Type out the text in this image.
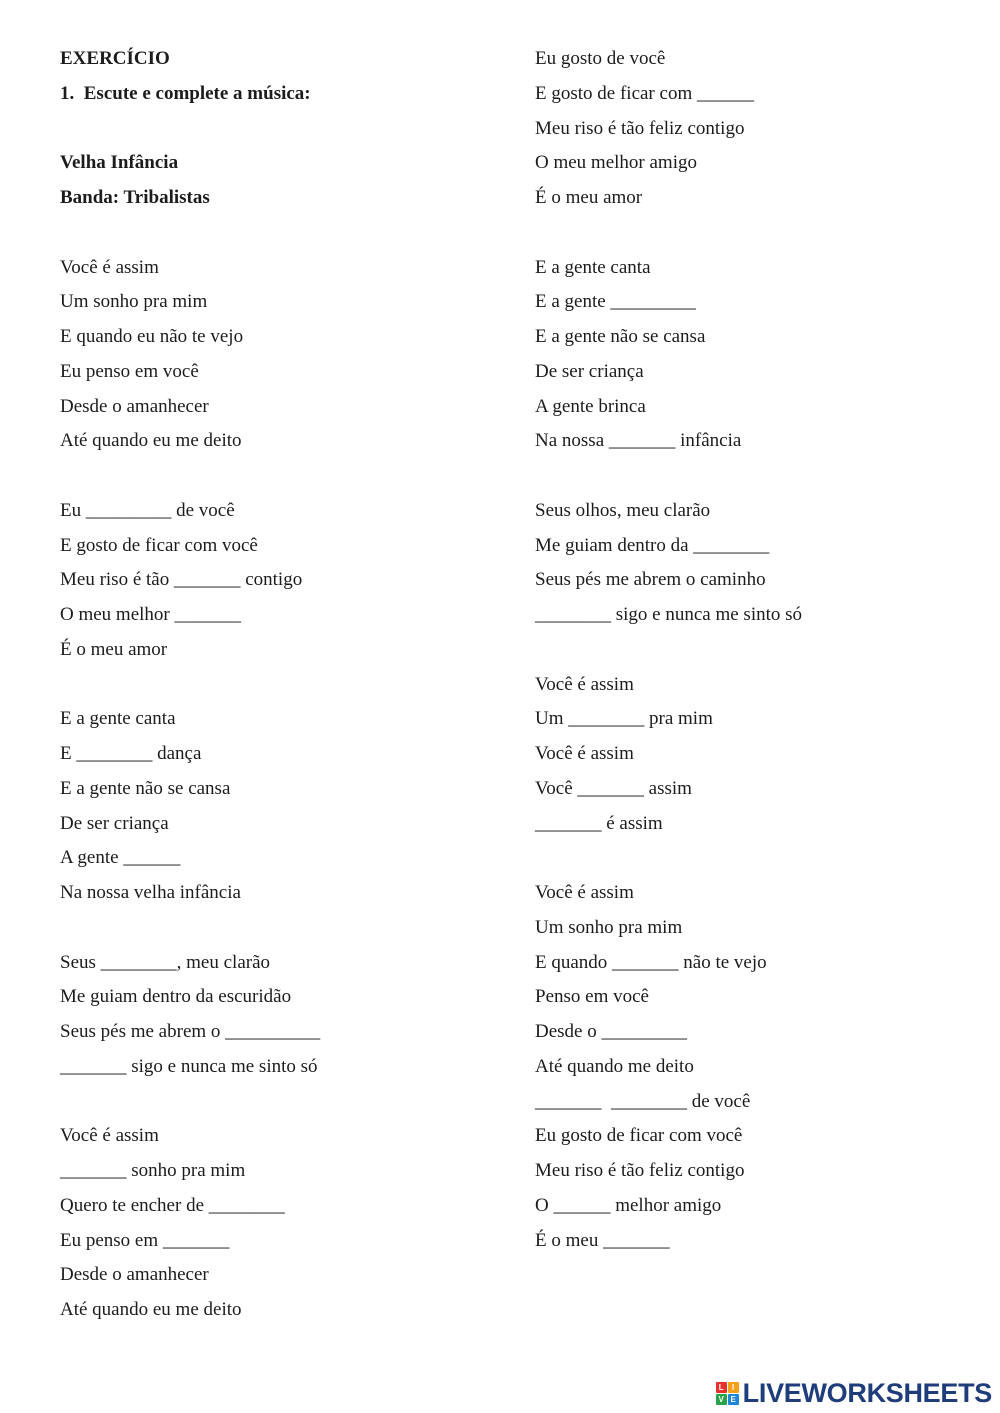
EXERCÍCIO
1.  Escute e complete a música:
Velha Infância
Banda: Tribalistas
Você é assim
Um sonho pra mim
E quando eu não te vejo
Eu penso em você
Desde o amanhecer
Até quando eu me deito
Eu _________ de você
E gosto de ficar com você
Meu riso é tão _______ contigo
O meu melhor _______
É o meu amor
E a gente canta
E ________ dança
E a gente não se cansa
De ser criança
A gente ______
Na nossa velha infância
Seus ________, meu clarão
Me guiam dentro da escuridão
Seus pés me abrem o __________
_______ sigo e nunca me sinto só
Você é assim
_______ sonho pra mim
Quero te encher de ________
Eu penso em _______
Desde o amanhecer
Até quando eu me deito
Eu gosto de você
E gosto de ficar com ______
Meu riso é tão feliz contigo
O meu melhor amigo
É o meu amor
E a gente canta
E a gente _________
E a gente não se cansa
De ser criança
A gente brinca
Na nossa _______ infância
Seus olhos, meu clarão
Me guiam dentro da ________
Seus pés me abrem o caminho
________ sigo e nunca me sinto só
Você é assim
Um ________ pra mim
Você é assim
Você _______ assim
_______ é assim
Você é assim
Um sonho pra mim
E quando _______ não te vejo
Penso em você
Desde o _________
Até quando me deito
_______  ________ de você
Eu gosto de ficar com você
Meu riso é tão feliz contigo
O ______ melhor amigo
É o meu _______
L	I
V E LIVEWORKSHEETS
